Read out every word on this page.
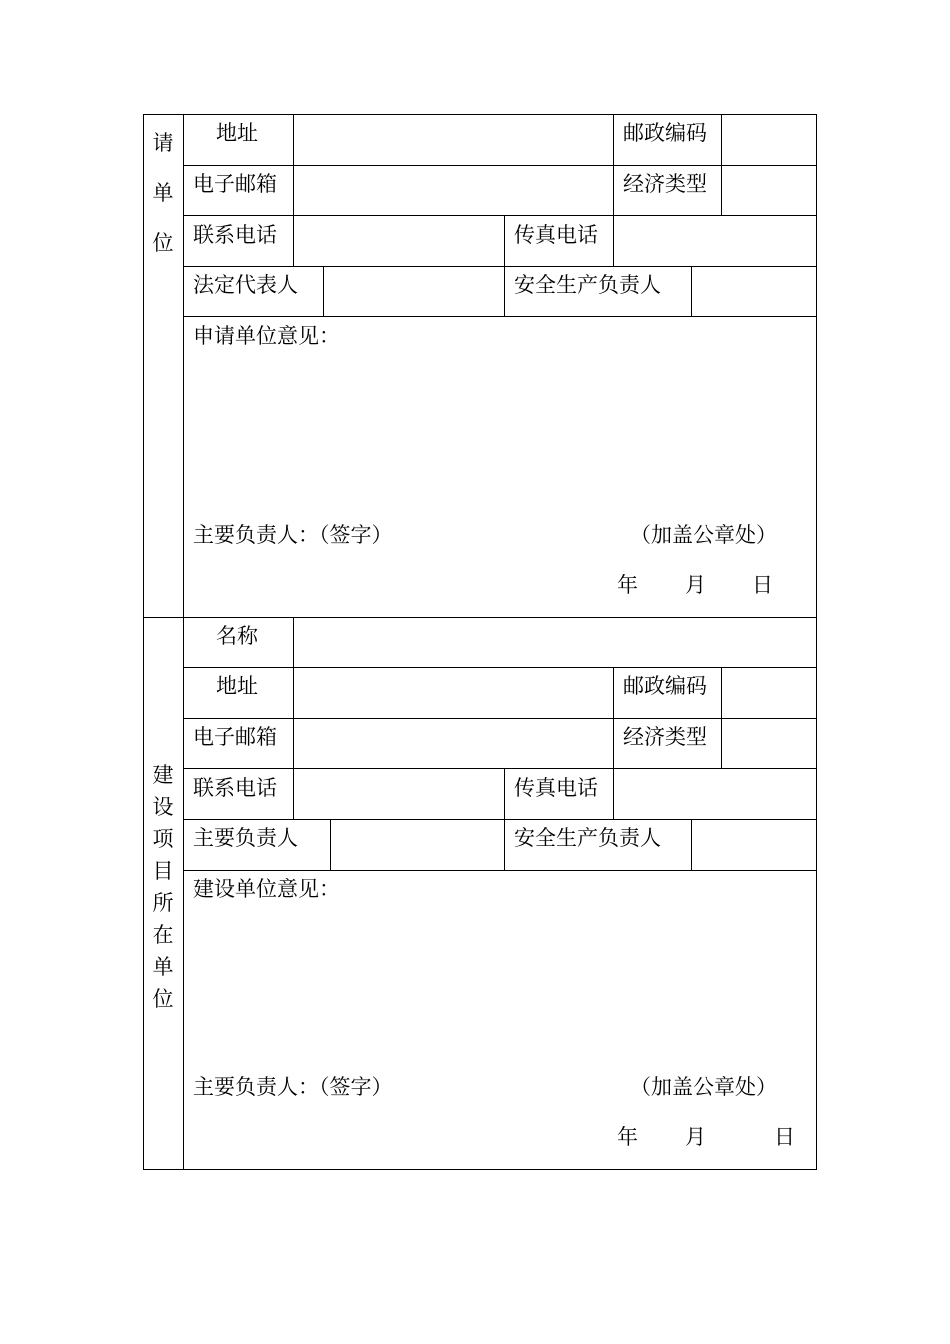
请
单
位
地址	邮政编码
电子邮箱	经济类型
联系电话	传真电话
法定代表人	安全生产负责人
申请单位意见：
主要负责人：（签字）	（加盖公章处）
年 月 日
建
设
项
目
所
在
单
位
名称
地址	邮政编码
电子邮箱	经济类型
联系电话	传真电话
主要负责人	安全生产负责人
建设单位意见：
主要负责人：（签字）	（加盖公章处）
年 月	日
